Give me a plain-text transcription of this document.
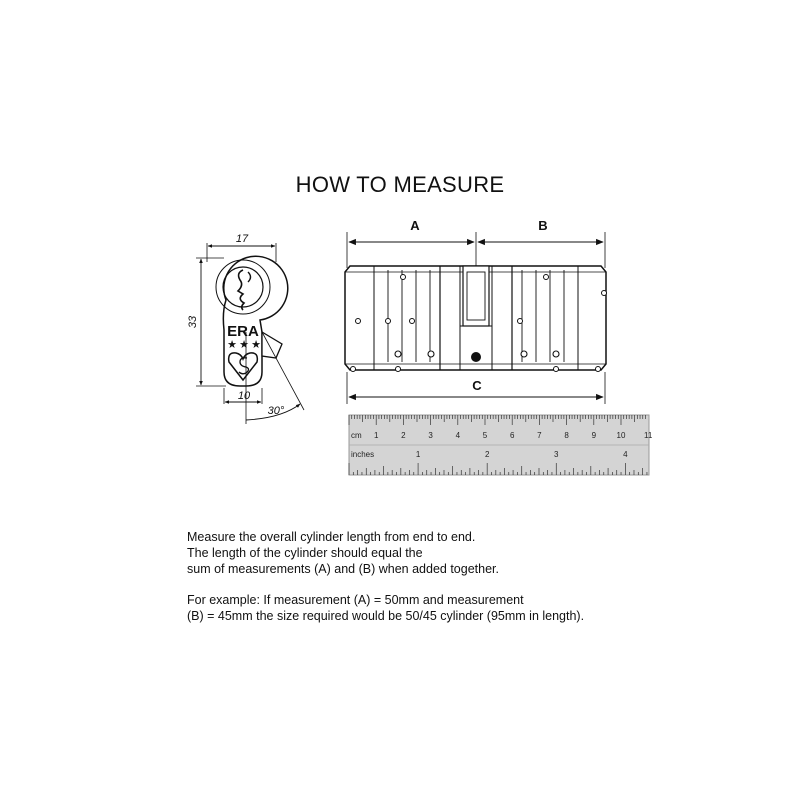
HOW TO MEASURE
17
33
ERA
★ ★ ★
10
30°
A	B
C
1	2	3	4	5	6	7	8	9	10 11
1	2	3	4
cm
inches
Measure the overall cylinder length from end to end.
The length of the cylinder should equal the
sum of measurements (A) and (B) when added together.
For example: If measurement (A) = 50mm and measurement
(B) = 45mm the size required would be 50/45 cylinder (95mm in length).
